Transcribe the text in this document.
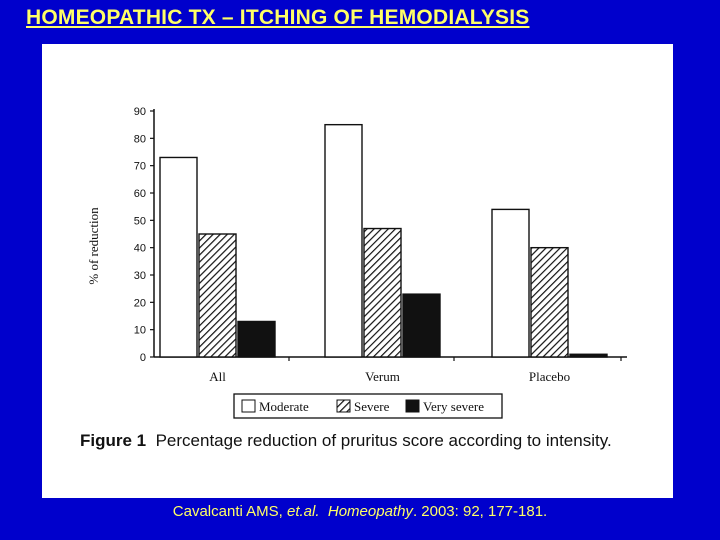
HOMEOPATHIC TX – ITCHING OF HEMODIALYSIS
0
10
20
30
40
50
60
70
80
90
% of reduction
All	Verum	Placebo
Moderate	Severe	Very severe
Figure 1 Percentage reduction of pruritus score according to intensity.
Cavalcanti AMS, et.al. Homeopathy. 2003: 92, 177-181.
